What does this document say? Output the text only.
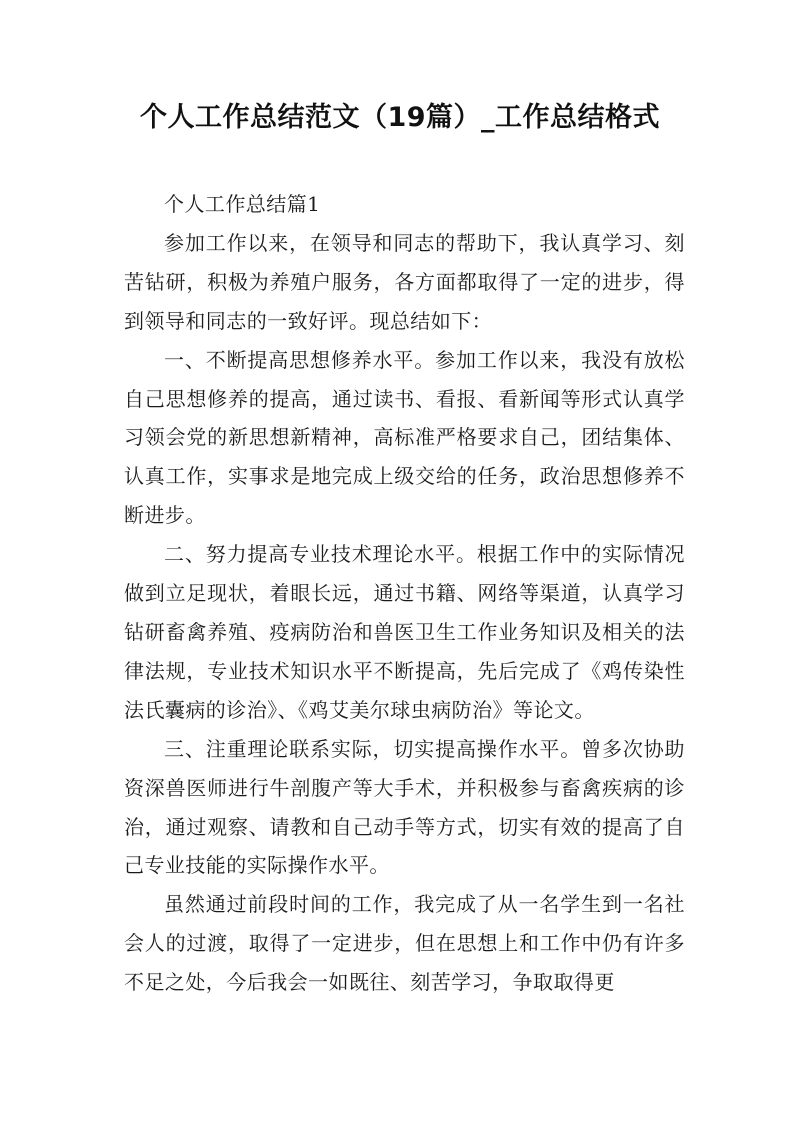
个人工作总结范文（19篇）_工作总结格式

个人工作总结篇1

参加工作以来，在领导和同志的帮助下，我认真学习、刻苦钻研，积极为养殖户服务，各方面都取得了一定的进步，得到领导和同志的一致好评。现总结如下：

一、不断提高思想修养水平。参加工作以来，我没有放松自己思想修养的提高，通过读书、看报、看新闻等形式认真学习领会党的新思想新精神，高标准严格要求自己，团结集体、认真工作，实事求是地完成上级交给的任务，政治思想修养不断进步。

二、努力提高专业技术理论水平。根据工作中的实际情况做到立足现状，着眼长远，通过书籍、网络等渠道，认真学习钻研畜禽养殖、疫病防治和兽医卫生工作业务知识及相关的法律法规，专业技术知识水平不断提高，先后完成了《鸡传染性法氏囊病的诊治》、《鸡艾美尔球虫病防治》等论文。

三、注重理论联系实际，切实提高操作水平。曾多次协助资深兽医师进行牛剖腹产等大手术，并积极参与畜禽疾病的诊治，通过观察、请教和自己动手等方式，切实有效的提高了自己专业技能的实际操作水平。

虽然通过前段时间的工作，我完成了从一名学生到一名社会人的过渡，取得了一定进步，但在思想上和工作中仍有许多不足之处，今后我会一如既往、刻苦学习，争取取得更
